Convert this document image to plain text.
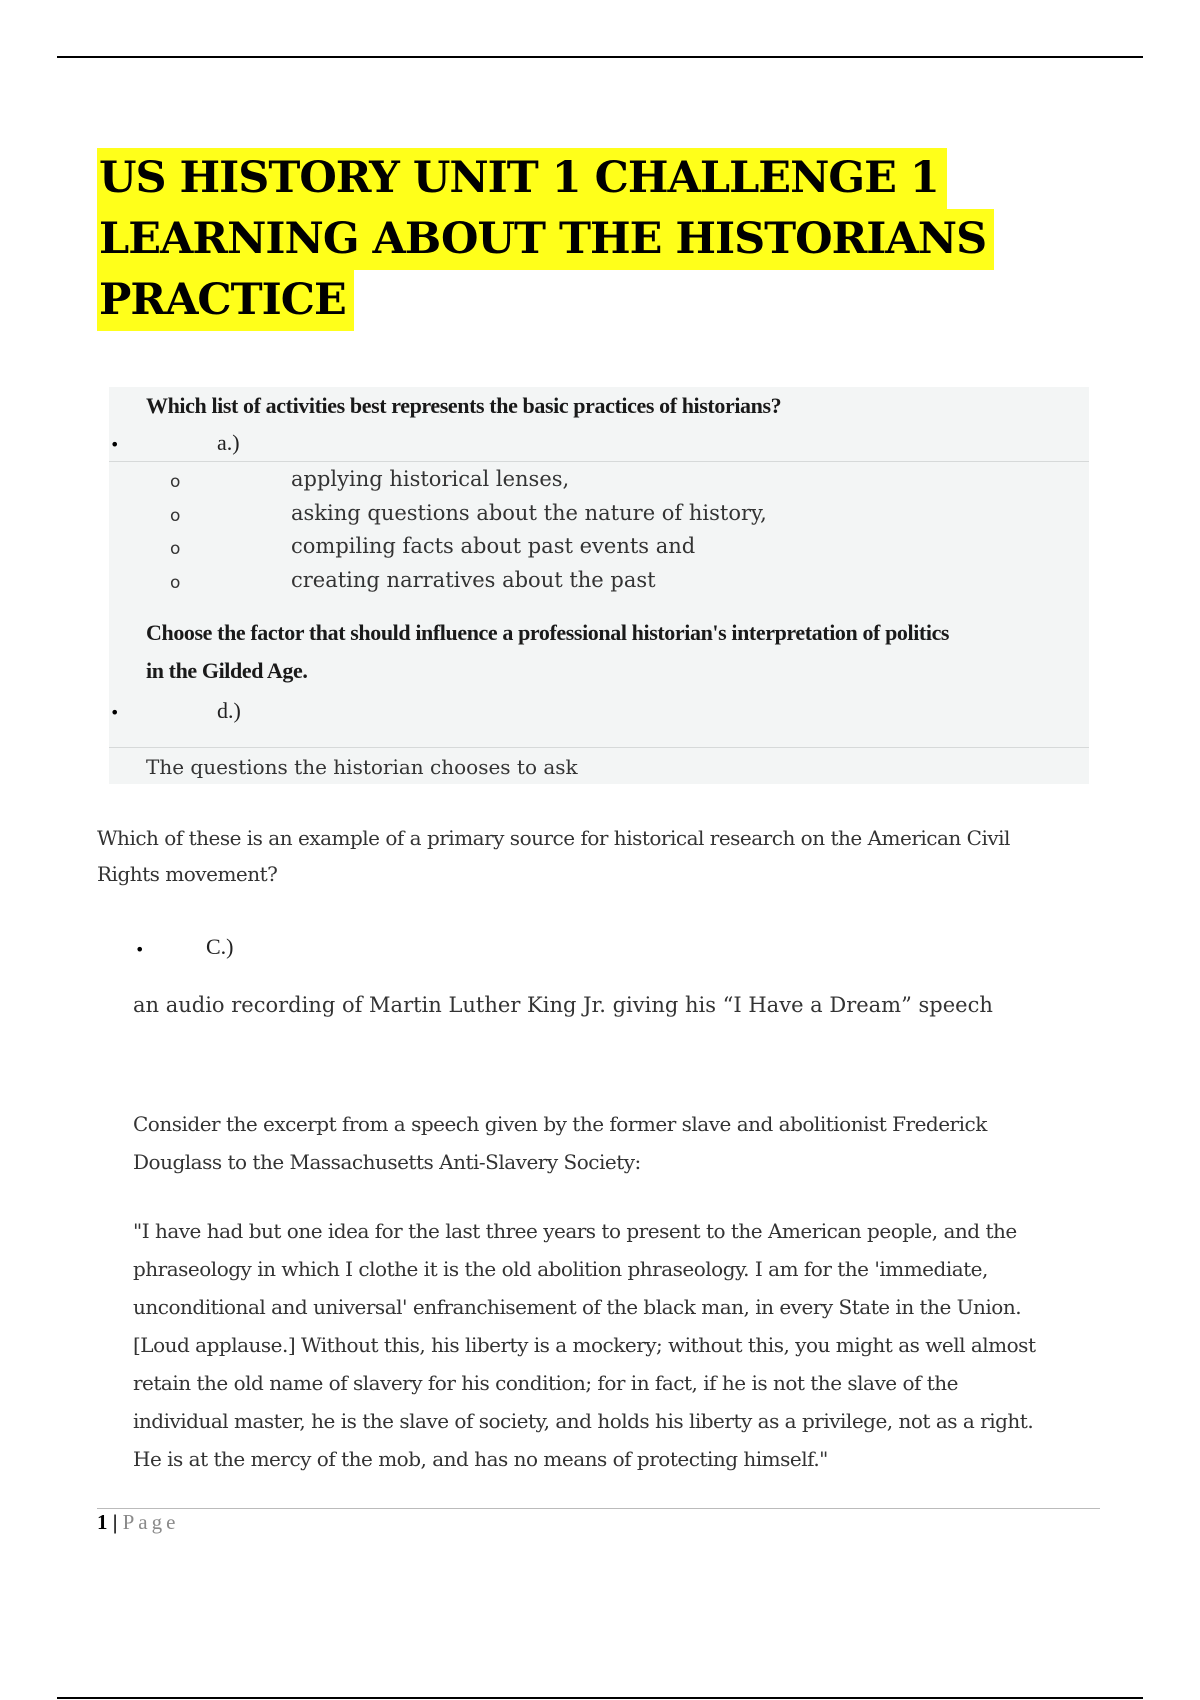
US HISTORY UNIT 1 CHALLENGE 1
LEARNING ABOUT THE HISTORIANS
PRACTICE
Which list of activities best represents the basic practices of historians?
•	a.)
o	applying historical lenses,
o	asking questions about the nature of history,
o	compiling facts about past events and
o	creating narratives about the past
Choose the factor that should influence a professional historian's interpretation of politics
in the Gilded Age.
•	d.)
The questions the historian chooses to ask
Which of these is an example of a primary source for historical research on the American Civil
Rights movement?
•	C.)
an audio recording of Martin Luther King Jr. giving his “I Have a Dream” speech
Consider the excerpt from a speech given by the former slave and abolitionist Frederick
Douglass to the Massachusetts Anti-Slavery Society:
"I have had but one idea for the last three years to present to the American people, and the
phraseology in which I clothe it is the old abolition phraseology. I am for the 'immediate,
unconditional and universal' enfranchisement of the black man, in every State in the Union.
[Loud applause.] Without this, his liberty is a mockery; without this, you might as well almost
retain the old name of slavery for his condition; for in fact, if he is not the slave of the
individual master, he is the slave of society, and holds his liberty as a privilege, not as a right.
He is at the mercy of the mob, and has no means of protecting himself."
1 | Page
